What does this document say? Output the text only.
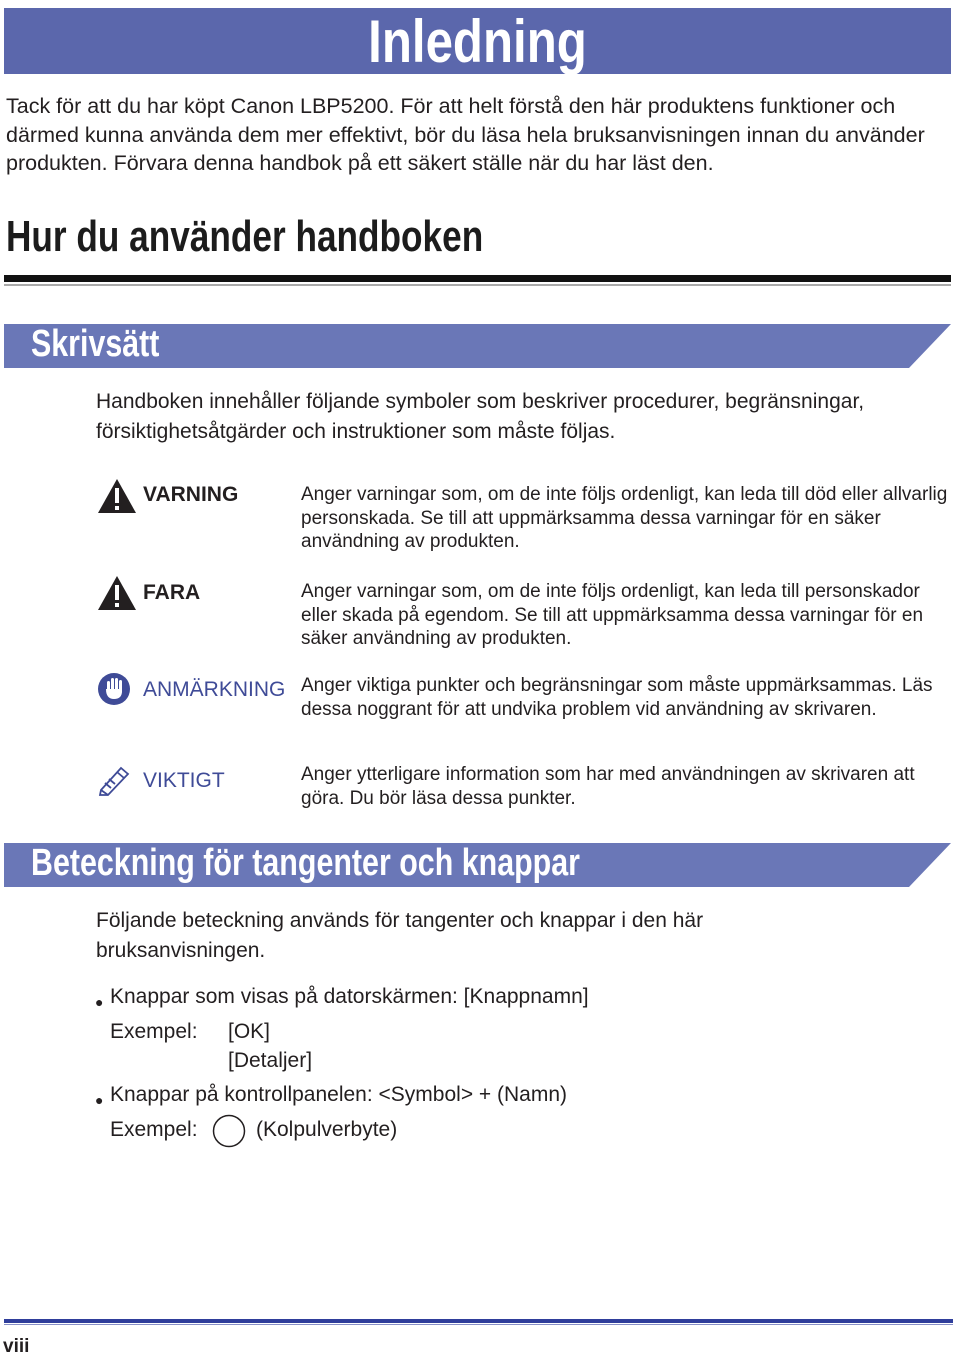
Inledning
Tack för att du har köpt Canon LBP5200. För att helt förstå den här produktens funktioner och därmed kunna använda dem mer effektivt, bör du läsa hela bruksanvisningen innan du använder produkten. Förvara denna handbok på ett säkert ställe när du har läst den.
Hur du använder handboken
Skrivsätt
Handboken innehåller följande symboler som beskriver procedurer, begränsningar, försiktighetsåtgärder och instruktioner som måste följas.
VARNING	Anger varningar som, om de inte följs ordenligt, kan leda till död eller allvarlig personskada. Se till att uppmärksamma dessa varningar för en säker användning av produkten.
FARA	Anger varningar som, om de inte följs ordenligt, kan leda till personskador eller skada på egendom. Se till att uppmärksamma dessa varningar för en säker användning av produkten.
ANMÄRKNING Anger viktiga punkter och begränsningar som måste uppmärksammas. Läs dessa noggrant för att undvika problem vid användning av skrivaren.
VIKTIGT	Anger ytterligare information som har med användningen av skrivaren att göra. Du bör läsa dessa punkter.
Beteckning för tangenter och knappar
Följande beteckning används för tangenter och knappar i den här bruksanvisningen.
● Knappar som visas på datorskärmen: [Knappnamn]
Exempel: [OK]
[Detaljer]
● Knappar på kontrollpanelen: <Symbol> + (Namn)
Exempel:	(Kolpulverbyte)
viii
